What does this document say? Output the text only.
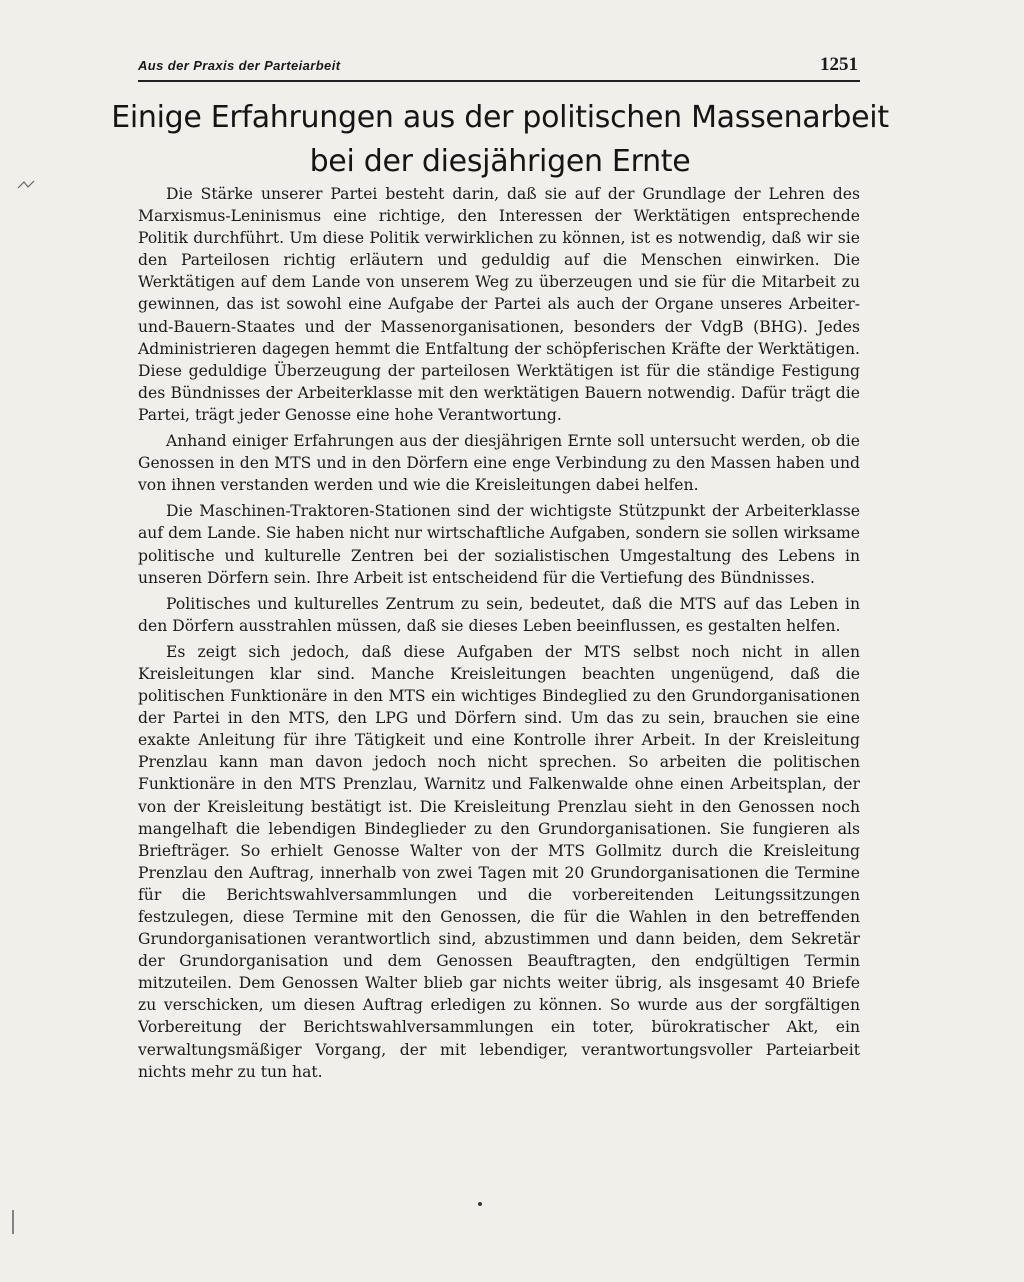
Aus der Praxis der Parteiarbeit	1251
Einige Erfahrungen aus der politischen Massenarbeit
bei der diesjährigen Ernte

Die Stärke unserer Partei besteht darin, daß sie auf der Grundlage der Lehren des Marxismus-Leninismus eine richtige, den Interessen der Werktätigen entsprechende Politik durchführt. Um diese Politik verwirklichen zu können, ist es notwendig, daß wir sie den Parteilosen richtig erläutern und geduldig auf die Menschen einwirken. Die Werktätigen auf dem Lande von unserem Weg zu überzeugen und sie für die Mitarbeit zu gewinnen, das ist sowohl eine Aufgabe der Partei als auch der Organe unseres Arbeiter-und-Bauern-Staates und der Massenorganisationen, besonders der VdgB (BHG). Jedes Administrieren dagegen hemmt die Entfaltung der schöpferischen Kräfte der Werktätigen. Diese geduldige Überzeugung der parteilosen Werktätigen ist für die ständige Festigung des Bündnisses der Arbeiterklasse mit den werktätigen Bauern notwendig. Dafür trägt die Partei, trägt jeder Genosse eine hohe Verantwortung.

Anhand einiger Erfahrungen aus der diesjährigen Ernte soll untersucht werden, ob die Genossen in den MTS und in den Dörfern eine enge Verbindung zu den Massen haben und von ihnen verstanden werden und wie die Kreisleitungen dabei helfen.

Die Maschinen-Traktoren-Stationen sind der wichtigste Stützpunkt der Arbeiterklasse auf dem Lande. Sie haben nicht nur wirtschaftliche Aufgaben, sondern sie sollen wirksame politische und kulturelle Zentren bei der sozialistischen Umgestaltung des Lebens in unseren Dörfern sein. Ihre Arbeit ist entscheidend für die Vertiefung des Bündnisses.

Politisches und kulturelles Zentrum zu sein, bedeutet, daß die MTS auf das Leben in den Dörfern ausstrahlen müssen, daß sie dieses Leben beeinflussen, es gestalten helfen.

Es zeigt sich jedoch, daß diese Aufgaben der MTS selbst noch nicht in allen Kreisleitungen klar sind. Manche Kreisleitungen beachten ungenügend, daß die politischen Funktionäre in den MTS ein wichtiges Bindeglied zu den Grundorganisationen der Partei in den MTS, den LPG und Dörfern sind. Um das zu sein, brauchen sie eine exakte Anleitung für ihre Tätigkeit und eine Kontrolle ihrer Arbeit. In der Kreisleitung Prenzlau kann man davon jedoch noch nicht sprechen. So arbeiten die politischen Funktionäre in den MTS Prenzlau, Warnitz und Falkenwalde ohne einen Arbeitsplan, der von der Kreisleitung bestätigt ist. Die Kreisleitung Prenzlau sieht in den Genossen noch mangelhaft die lebendigen Bindeglieder zu den Grundorganisationen. Sie fungieren als Briefträger. So erhielt Genosse Walter von der MTS Gollmitz durch die Kreisleitung Prenzlau den Auftrag, innerhalb von zwei Tagen mit 20 Grundorganisationen die Termine für die Berichtswahlversammlungen und die vorbereitenden Leitungssitzungen festzulegen, diese Termine mit den Genossen, die für die Wahlen in den betreffenden Grundorganisationen verantwortlich sind, abzustimmen und dann beiden, dem Sekretär der Grundorganisation und dem Genossen Beauftragten, den endgültigen Termin mitzuteilen. Dem Genossen Walter blieb gar nichts weiter übrig, als insgesamt 40 Briefe zu verschicken, um diesen Auftrag erledigen zu können. So wurde aus der sorgfältigen Vorbereitung der Berichtswahlversammlungen ein toter, bürokratischer Akt, ein verwaltungsmäßiger Vorgang, der mit lebendiger, verantwortungsvoller Parteiarbeit nichts mehr zu tun hat.
